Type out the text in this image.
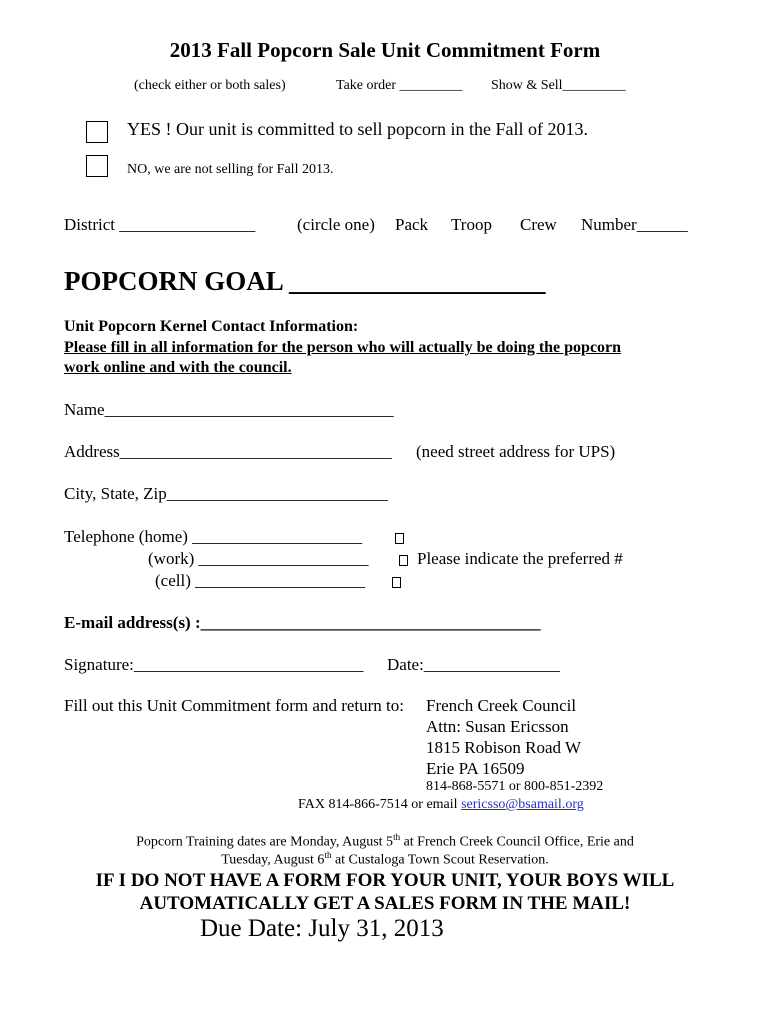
2013 Fall Popcorn Sale Unit Commitment Form
(check either or both sales)	Take order _________ Show & Sell_________
YES ! Our unit is committed to sell popcorn in the Fall of 2013.
NO, we are not selling for Fall 2013.
District ________________ (circle one) Pack Troop Crew Number______
POPCORN GOAL ___________________
Unit Popcorn Kernel Contact Information:
Please fill in all information for the person who will actually be doing the popcorn
work online and with the council.
Name__________________________________
Address________________________________ (need street address for UPS)
City, State, Zip__________________________
Telephone (home) ____________________
(work) ____________________	Please indicate the preferred #
(cell) ____________________
E-mail address(s) :________________________________________
Signature:___________________________ Date:________________
Fill out this Unit Commitment form and return to: French Creek Council
Attn: Susan Ericsson
1815 Robison Road W
Erie PA 16509
814-868-5571 or 800-851-2392
FAX 814-866-7514 or email sericsso@bsamail.org
Popcorn Training dates are Monday, August 5th at French Creek Council Office, Erie and
Tuesday, August 6th at Custaloga Town Scout Reservation.
IF I DO NOT HAVE A FORM FOR YOUR UNIT, YOUR BOYS WILL
AUTOMATICALLY GET A SALES FORM IN THE MAIL!
Due Date: July 31, 2013
